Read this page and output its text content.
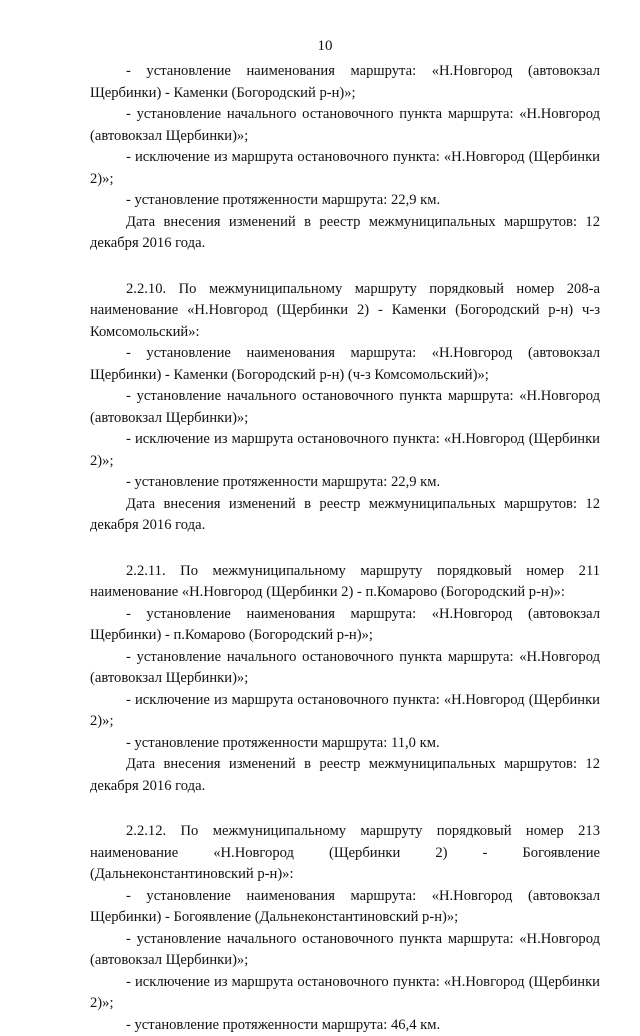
10

- установление наименования маршрута: «Н.Новгород (автовокзал Щербинки) - Каменки (Богородский р-н)»;

- установление начального остановочного пункта маршрута: «Н.Новгород (автовокзал Щербинки)»;

- исключение из маршрута остановочного пункта: «Н.Новгород (Щербинки 2)»;

- установление протяженности маршрута: 22,9 км.

Дата внесения изменений в реестр межмуниципальных маршрутов: 12 декабря 2016 года.

2.2.10. По межмуниципальному маршруту порядковый номер 208-а наименование «Н.Новгород (Щербинки 2) - Каменки (Богородский р-н) ч-з Комсомольский»:

- установление наименования маршрута: «Н.Новгород (автовокзал Щербинки) - Каменки (Богородский р-н) (ч-з Комсомольский)»;

- установление начального остановочного пункта маршрута: «Н.Новгород (автовокзал Щербинки)»;

- исключение из маршрута остановочного пункта: «Н.Новгород (Щербинки 2)»;

- установление протяженности маршрута: 22,9 км.

Дата внесения изменений в реестр межмуниципальных маршрутов: 12 декабря 2016 года.

2.2.11. По межмуниципальному маршруту порядковый номер 211 наименование «Н.Новгород (Щербинки 2) - п.Комарово (Богородский р-н)»:

- установление наименования маршрута: «Н.Новгород (автовокзал Щербинки) - п.Комарово (Богородский р-н)»;

- установление начального остановочного пункта маршрута: «Н.Новгород (автовокзал Щербинки)»;

- исключение из маршрута остановочного пункта: «Н.Новгород (Щербинки 2)»;

- установление протяженности маршрута: 11,0 км.

Дата внесения изменений в реестр межмуниципальных маршрутов: 12 декабря 2016 года.

2.2.12. По межмуниципальному маршруту порядковый номер 213 наименование «Н.Новгород (Щербинки 2) - Богоявление (Дальнеконстантиновский р-н)»:

- установление наименования маршрута: «Н.Новгород (автовокзал Щербинки) - Богоявление (Дальнеконстантиновский р-н)»;

- установление начального остановочного пункта маршрута: «Н.Новгород (автовокзал Щербинки)»;

- исключение из маршрута остановочного пункта: «Н.Новгород (Щербинки 2)»;

- установление протяженности маршрута: 46,4 км.
